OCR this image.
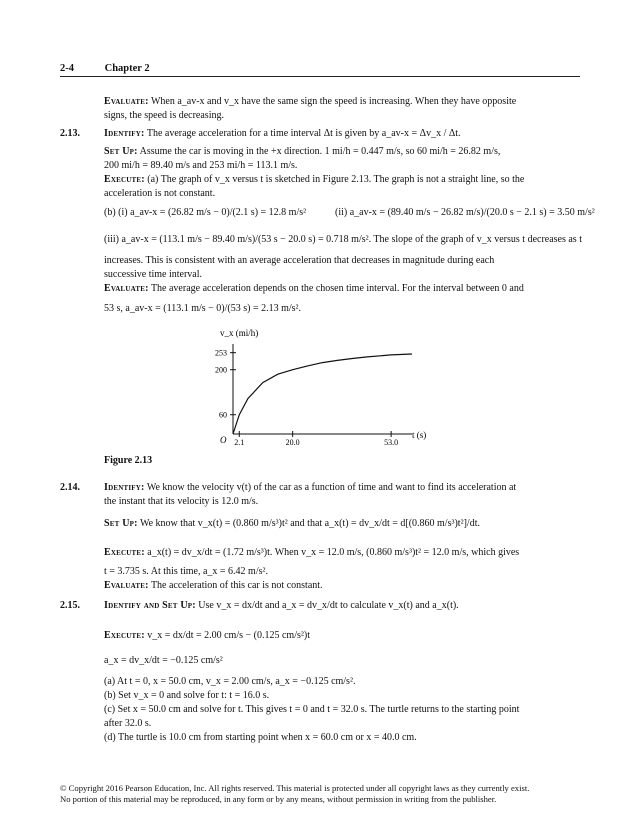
2-4	Chapter 2
Evaluate: When a_av-x and v_x have the same sign the speed is increasing. When they have opposite
signs, the speed is decreasing.
2.13. Identify: The average acceleration for a time interval Δt is given by a_av-x = Δv_x / Δt.
Set Up: Assume the car is moving in the +x direction. 1 mi/h = 0.447 m/s, so 60 mi/h = 26.82 m/s,
200 mi/h = 89.40 m/s and 253 mi/h = 113.1 m/s.
Execute: (a) The graph of v_x versus t is sketched in Figure 2.13. The graph is not a straight line, so the
acceleration is not constant.
(b) (i) a_av-x = (26.82 m/s − 0)/(2.1 s) = 12.8 m/s²	(ii) a_av-x = (89.40 m/s − 26.82 m/s)/(20.0 s − 2.1 s) = 3.50 m/s²
(iii) a_av-x = (113.1 m/s − 89.40 m/s)/(53 s − 20.0 s) = 0.718 m/s². The slope of the graph of v_x versus t decreases as t
increases. This is consistent with an average acceleration that decreases in magnitude during each
successive time interval.
Evaluate: The average acceleration depends on the chosen time interval. For the interval between 0 and
53 s, a_av-x = (113.1 m/s − 0)/(53 s) = 2.13 m/s².
v_x (mi/h)
t (s)
O 2.1	20.0	53.0
60
200
253
Figure 2.13
2.14. Identify: We know the velocity v(t) of the car as a function of time and want to find its acceleration at
the instant that its velocity is 12.0 m/s.
Set Up: We know that v_x(t) = (0.860 m/s³)t² and that a_x(t) = dv_x/dt = d[(0.860 m/s³)t²]/dt.
Execute: a_x(t) = dv_x/dt = (1.72 m/s³)t. When v_x = 12.0 m/s, (0.860 m/s³)t² = 12.0 m/s, which gives
t = 3.735 s. At this time, a_x = 6.42 m/s².
Evaluate: The acceleration of this car is not constant.
2.15. Identify and Set Up: Use v_x = dx/dt and a_x = dv_x/dt to calculate v_x(t) and a_x(t).
Execute: v_x = dx/dt = 2.00 cm/s − (0.125 cm/s²)t
a_x = dv_x/dt = −0.125 cm/s²
(a) At t = 0, x = 50.0 cm, v_x = 2.00 cm/s, a_x = −0.125 cm/s².
(b) Set v_x = 0 and solve for t: t = 16.0 s.
(c) Set x = 50.0 cm and solve for t. This gives t = 0 and t = 32.0 s. The turtle returns to the starting point
after 32.0 s.
(d) The turtle is 10.0 cm from starting point when x = 60.0 cm or x = 40.0 cm.
© Copyright 2016 Pearson Education, Inc. All rights reserved. This material is protected under all copyright laws as they currently exist.
No portion of this material may be reproduced, in any form or by any means, without permission in writing from the publisher.
